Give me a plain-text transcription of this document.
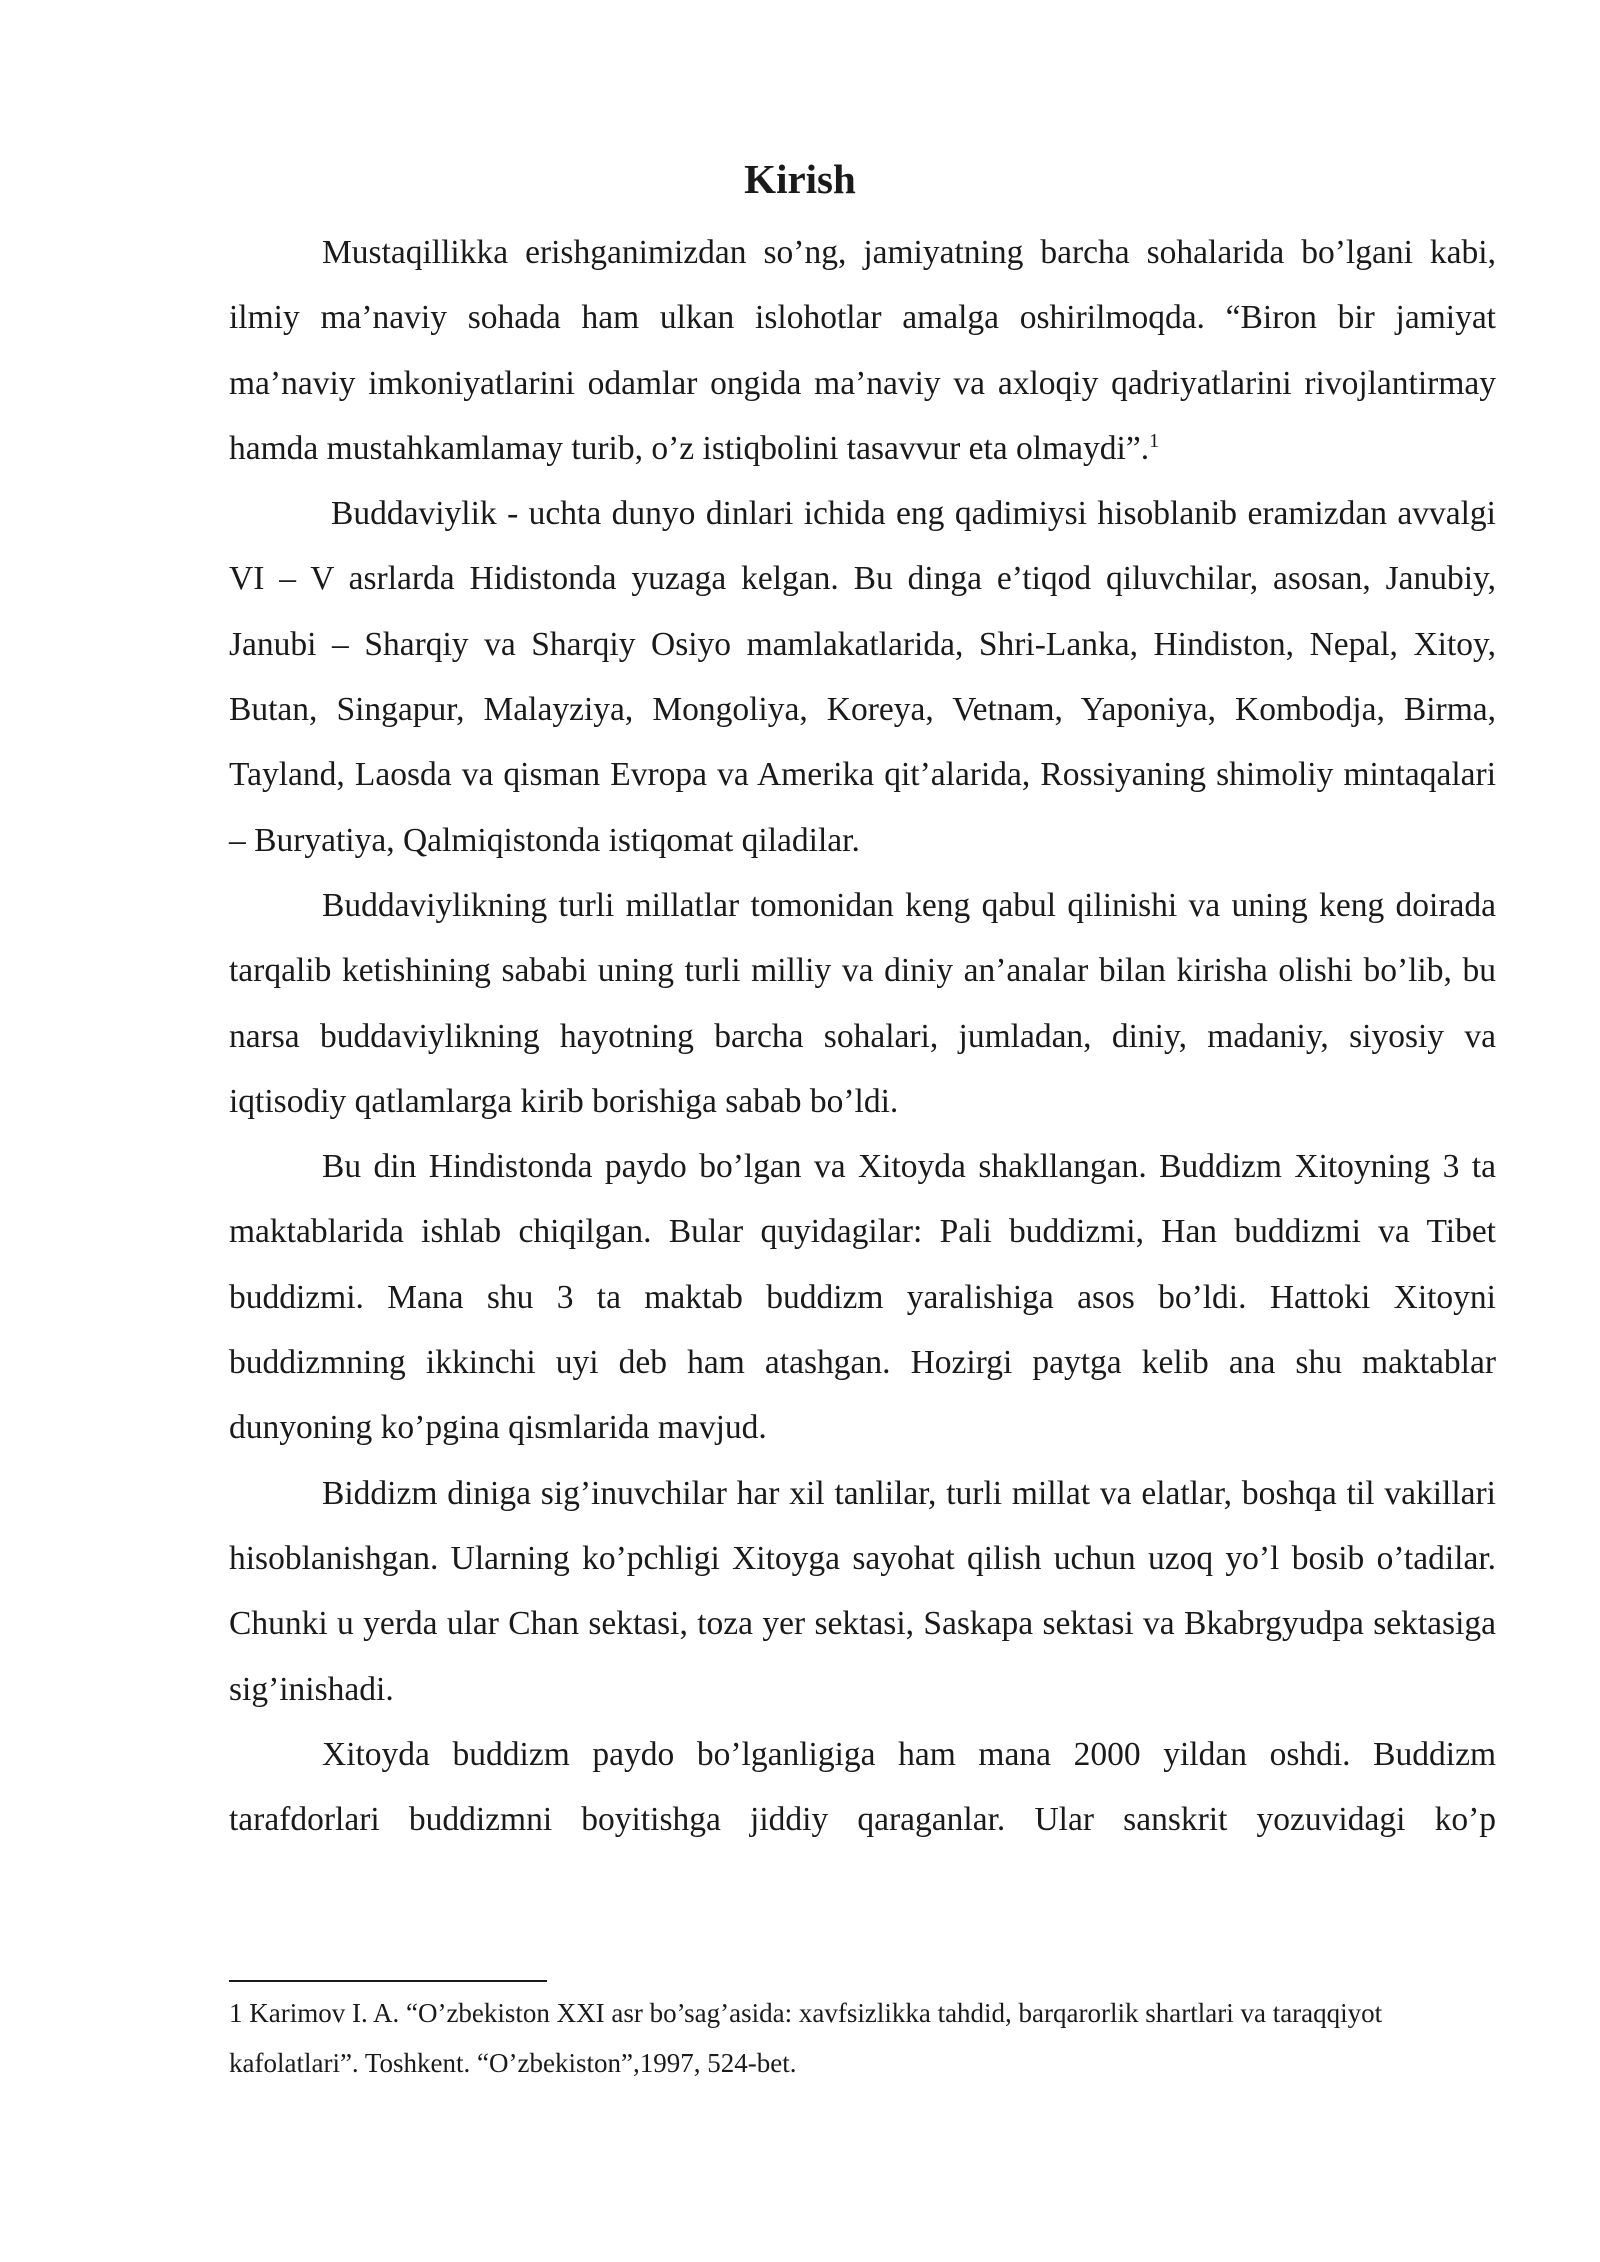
Kirish

Mustaqillikka erishganimizdan so’ng, jamiyatning barcha sohalarida bo’lgani kabi, ilmiy ma’naviy sohada ham ulkan islohotlar amalga oshirilmoqda. “Biron bir jamiyat ma’naviy imkoniyatlarini odamlar ongida ma’naviy va axloqiy qadriyatlarini rivojlantirmay hamda mustahkamlamay turib, o’z istiqbolini tasavvur eta olmaydi”.$^1$

Buddaviylik - uchta dunyo dinlari ichida eng qadimiysi hisoblanib eramizdan avvalgi VI – V asrlarda Hidistonda yuzaga kelgan. Bu dinga e’tiqod qiluvchilar, asosan, Janubiy, Janubi – Sharqiy va Sharqiy Osiyo mamlakatlarida, Shri-Lanka, Hindiston, Nepal, Xitoy, Butan, Singapur, Malayziya, Mongoliya, Koreya, Vetnam, Yaponiya, Kombodja, Birma, Tayland, Laosda va qisman Evropa va Amerika qit’alarida, Rossiyaning shimoliy mintaqalari – Buryatiya, Qalmiqistonda istiqomat qiladilar.

Buddaviylikning turli millatlar tomonidan keng qabul qilinishi va uning keng doirada tarqalib ketishining sababi uning turli milliy va diniy an’analar bilan kirisha olishi bo’lib, bu narsa buddaviylikning hayotning barcha sohalari, jumladan, diniy, madaniy, siyosiy va iqtisodiy qatlamlarga kirib borishiga sabab bo’ldi.

Bu din Hindistonda paydo bo’lgan va Xitoyda shakllangan. Buddizm Xitoyning 3 ta maktablarida ishlab chiqilgan. Bular quyidagilar: Pali buddizmi, Han buddizmi va Tibet buddizmi. Mana shu 3 ta maktab buddizm yaralishiga asos bo’ldi. Hattoki Xitoyni buddizmning ikkinchi uyi deb ham atashgan. Hozirgi paytga kelib ana shu maktablar dunyoning ko’pgina qismlarida mavjud.

Biddizm diniga sig’inuvchilar har xil tanlilar, turli millat va elatlar, boshqa til vakillari hisoblanishgan. Ularning ko’pchligi Xitoyga sayohat qilish uchun uzoq yo’l bosib o’tadilar. Chunki u yerda ular Chan sektasi, toza yer sektasi, Saskapa sektasi va Bkabrgyudpa sektasiga sig’inishadi.

Xitoyda buddizm paydo bo’lganligiga ham mana 2000 yildan oshdi. Buddizm tarafdorlari buddizmni boyitishga jiddiy qaraganlar. Ular sanskrit yozuvidagi ko’p

1 Karimov I. A. “O’zbekiston XXI asr bo’sag’asida: xavfsizlikka tahdid, barqarorlik shartlari va taraqqiyot kafolatlari”. Toshkent. “O’zbekiston”,1997, 524-bet.
